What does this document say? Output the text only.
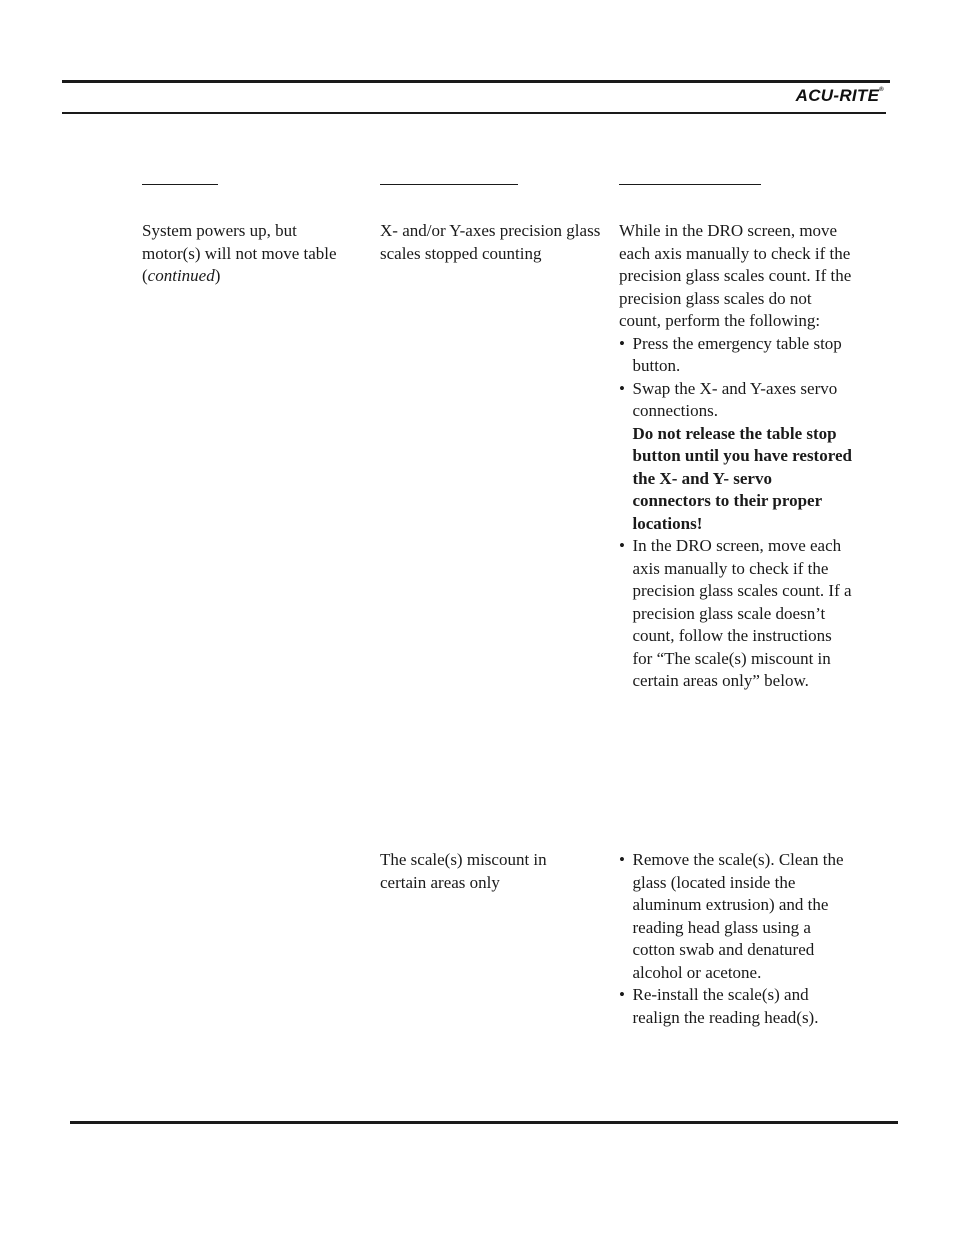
ACU-RITE®

System powers up, but motor(s) will not move table (continued)

X- and/or Y-axes precision glass scales stopped counting

The scale(s) miscount in certain areas only

While in the DRO screen, move each axis manually to check if the precision glass scales count. If the precision glass scales do not count, perform the following:

• Press the emergency table stop button.
• Swap the X- and Y-axes servo connections.

Do not release the table stop button until you have restored the X- and Y- servo connectors to their proper locations!

• In the DRO screen, move each axis manually to check if the precision glass scales count. If a precision glass scale doesn’t count, follow the instructions for “The scale(s) miscount in certain areas only” below.
• Remove the scale(s). Clean the glass (located inside the aluminum extrusion) and the reading head glass using a cotton swab and denatured alcohol or acetone.
• Re-install the scale(s) and realign the reading head(s).
